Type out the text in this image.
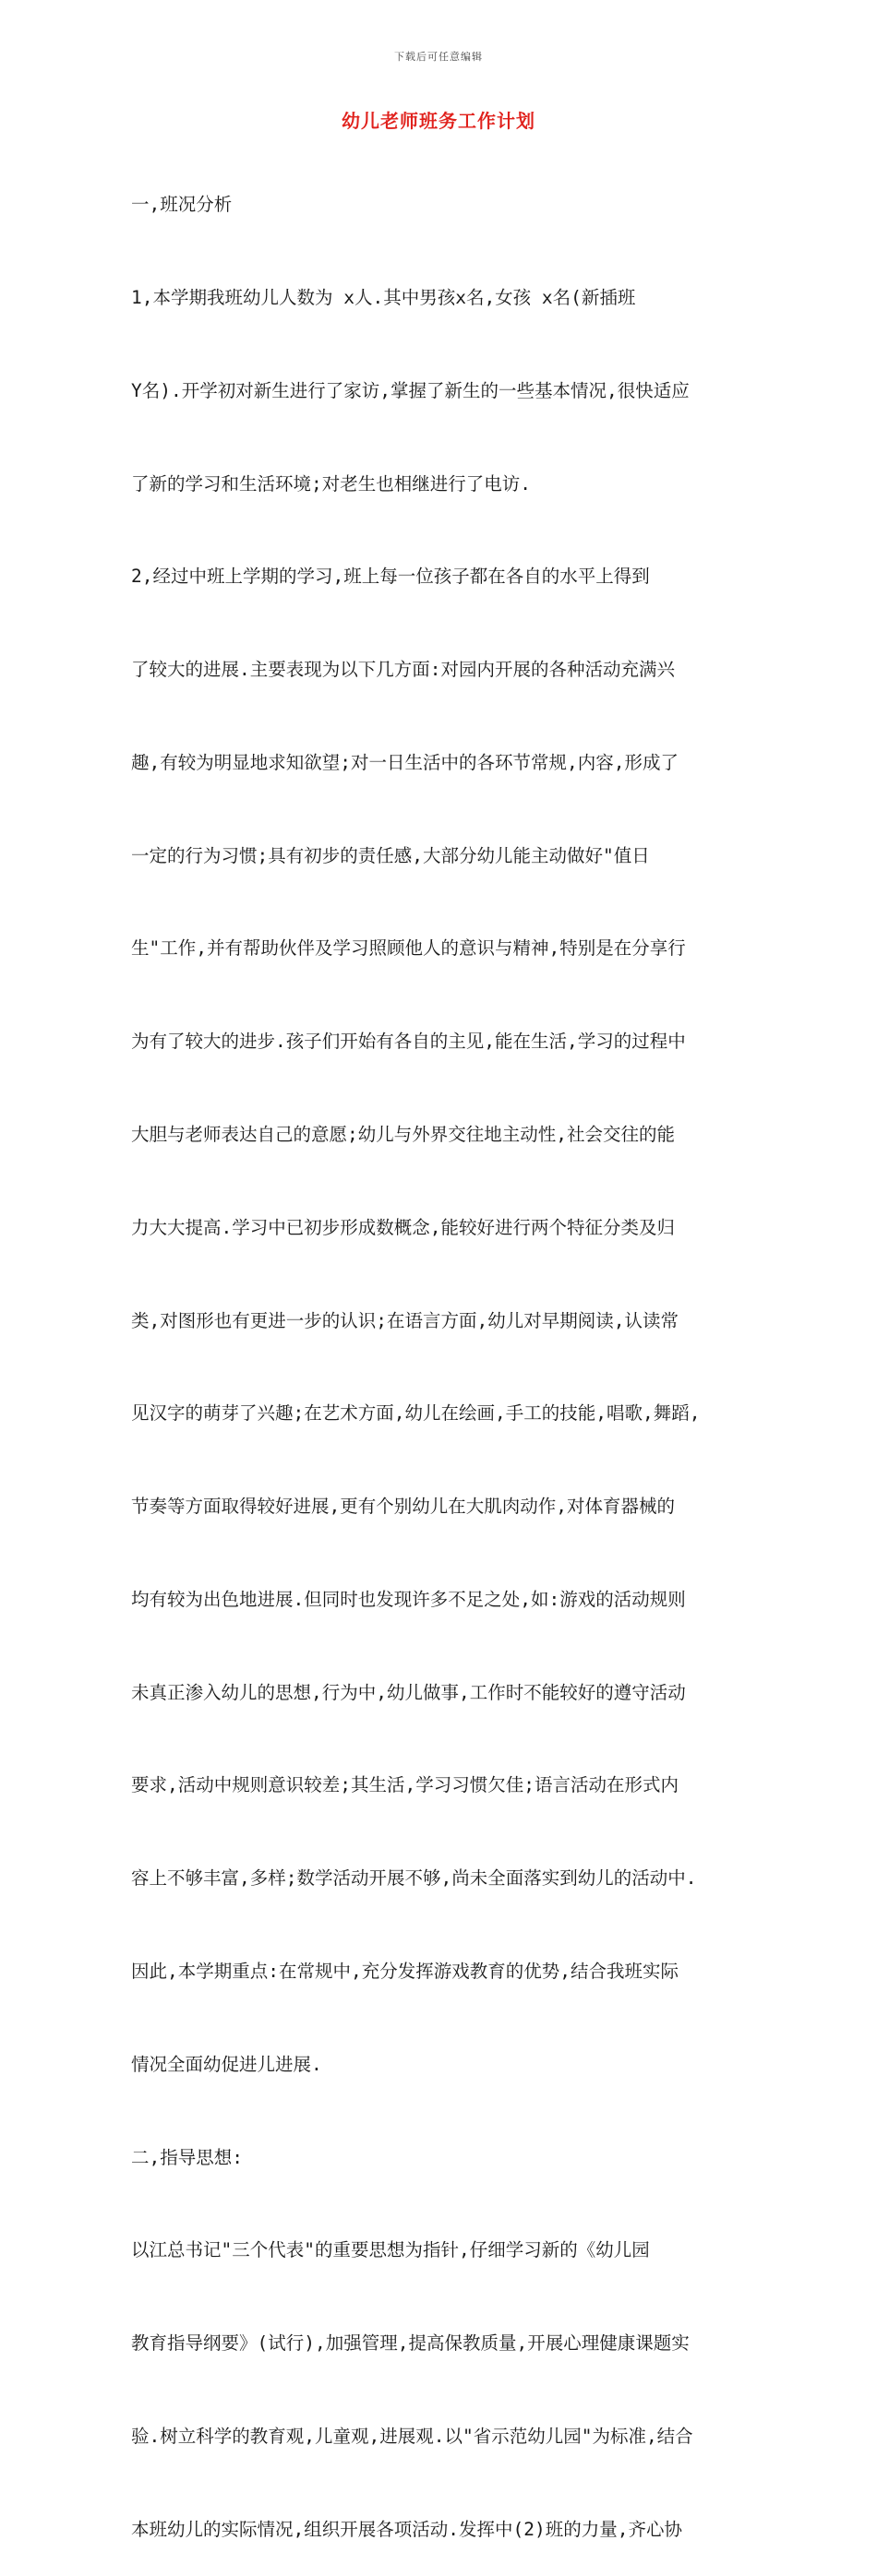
下载后可任意编辑
幼儿老师班务工作计划

一,班况分析

1,本学期我班幼儿人数为 x人.其中男孩x名,女孩 x名(新插班

Y名).开学初对新生进行了家访,掌握了新生的一些基本情况,很快适应

了新的学习和生活环境;对老生也相继进行了电访.

2,经过中班上学期的学习,班上每一位孩子都在各自的水平上得到

了较大的进展.主要表现为以下几方面:对园内开展的各种活动充满兴

趣,有较为明显地求知欲望;对一日生活中的各环节常规,内容,形成了

一定的行为习惯;具有初步的责任感,大部分幼儿能主动做好"值日

生"工作,并有帮助伙伴及学习照顾他人的意识与精神,特别是在分享行

为有了较大的进步.孩子们开始有各自的主见,能在生活,学习的过程中

大胆与老师表达自己的意愿;幼儿与外界交往地主动性,社会交往的能

力大大提高.学习中已初步形成数概念,能较好进行两个特征分类及归

类,对图形也有更进一步的认识;在语言方面,幼儿对早期阅读,认读常

见汉字的萌芽了兴趣;在艺术方面,幼儿在绘画,手工的技能,唱歌,舞蹈,

节奏等方面取得较好进展,更有个别幼儿在大肌肉动作,对体育器械的

均有较为出色地进展.但同时也发现许多不足之处,如:游戏的活动规则

未真正渗入幼儿的思想,行为中,幼儿做事,工作时不能较好的遵守活动

要求,活动中规则意识较差;其生活,学习习惯欠佳;语言活动在形式内

容上不够丰富,多样;数学活动开展不够,尚未全面落实到幼儿的活动中.

因此,本学期重点:在常规中,充分发挥游戏教育的优势,结合我班实际

情况全面幼促进儿进展.

二,指导思想:

以江总书记"三个代表"的重要思想为指针,仔细学习新的《幼儿园

教育指导纲要》(试行),加强管理,提高保教质量,开展心理健康课题实

验.树立科学的教育观,儿童观,进展观.以"省示范幼儿园"为标准,结合

本班幼儿的实际情况,组织开展各项活动.发挥中(2)班的力量,齐心协
